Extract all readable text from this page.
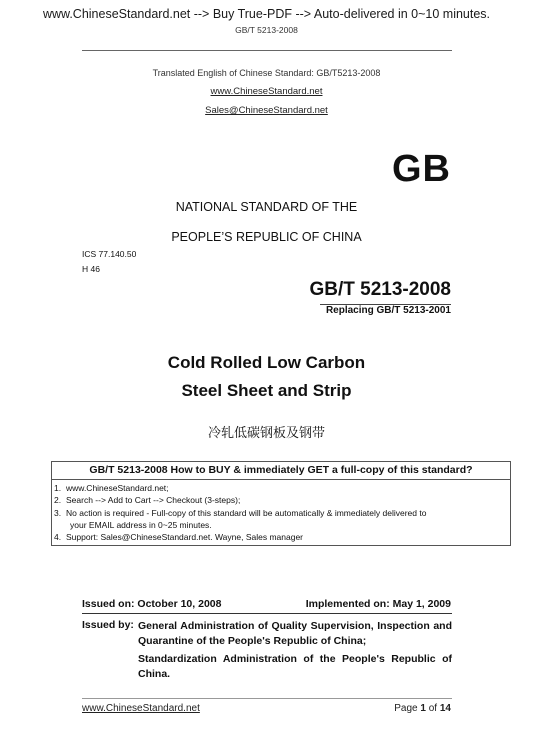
www.ChineseStandard.net --> Buy True-PDF --> Auto-delivered in 0~10 minutes.
GB/T 5213-2008
Translated English of Chinese Standard: GB/T5213-2008
www.ChineseStandard.net
Sales@ChineseStandard.net
GB
NATIONAL STANDARD OF THE
PEOPLE’S REPUBLIC OF CHINA
ICS 77.140.50
H 46
GB/T 5213-2008
Replacing GB/T 5213-2001
Cold Rolled Low Carbon
Steel Sheet and Strip
冷轧低碳钢板及钢带
GB/T 5213-2008 How to BUY & immediately GET a full-copy of this standard?
1. www.ChineseStandard.net;
2. Search --> Add to Cart --> Checkout (3-steps);
3. No action is required - Full-copy of this standard will be automatically & immediately delivered to
your EMAIL address in 0~25 minutes.
4. Support: Sales@ChineseStandard.net. Wayne, Sales manager
Issued on: October 10, 2008	Implemented on: May 1, 2009
Issued by: General Administration of Quality Supervision, Inspection and Quarantine of the People's Republic of China;
Standardization Administration of the People's Republic of China.
www.ChineseStandard.net	Page 1 of 14
